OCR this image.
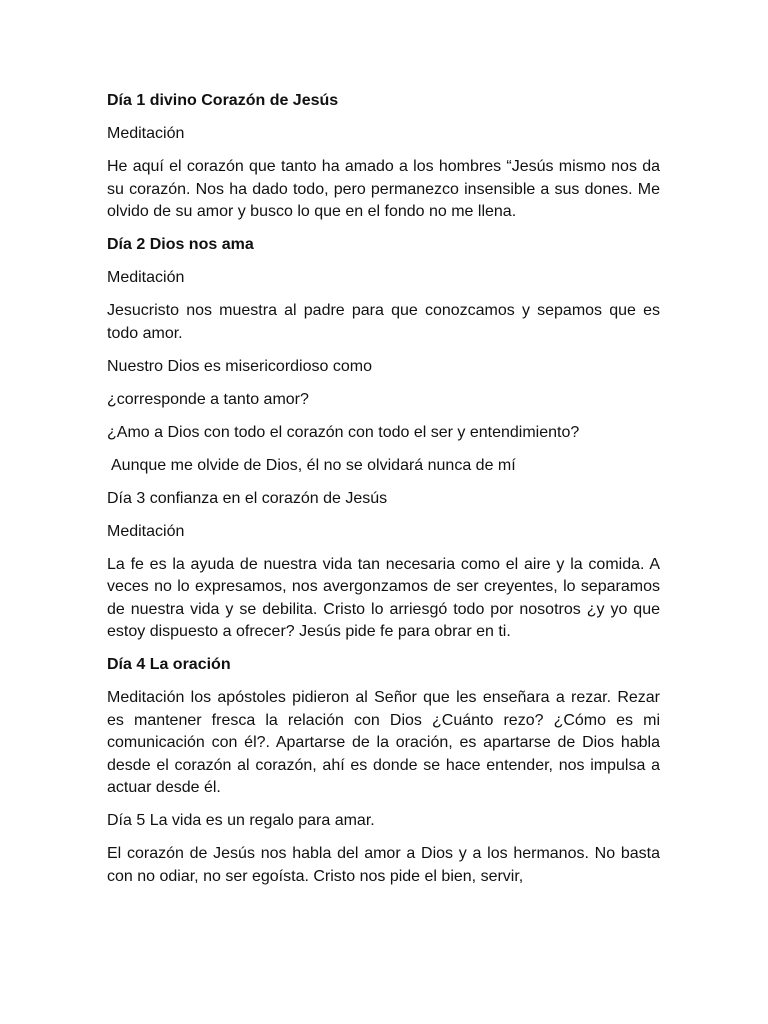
Día 1 divino Corazón de Jesús

Meditación

He aquí el corazón que tanto ha amado a los hombres “Jesús mismo nos da su corazón. Nos ha dado todo, pero permanezco insensible a sus dones. Me olvido de su amor y busco lo que en el fondo no me llena.

Día 2 Dios nos ama

Meditación

Jesucristo nos muestra al padre para que conozcamos y sepamos que es todo amor.

Nuestro Dios es misericordioso como

¿corresponde a tanto amor?

¿Amo a Dios con todo el corazón con todo el ser y entendimiento?

Aunque me olvide de Dios, él no se olvidará nunca de mí

Día 3 confianza en el corazón de Jesús

Meditación

La fe es la ayuda de nuestra vida tan necesaria como el aire y la comida. A veces no lo expresamos, nos avergonzamos de ser creyentes, lo separamos de nuestra vida y se debilita. Cristo lo arriesgó todo por nosotros ¿y yo que estoy dispuesto a ofrecer? Jesús pide fe para obrar en ti.

Día 4 La oración

Meditación los apóstoles pidieron al Señor que les enseñara a rezar. Rezar es mantener fresca la relación con Dios ¿Cuánto rezo? ¿Cómo es mi comunicación con él?. Apartarse de la oración, es apartarse de Dios habla desde el corazón al corazón, ahí es donde se hace entender, nos impulsa a actuar desde él.

Día 5 La vida es un regalo para amar.

El corazón de Jesús nos habla del amor a Dios y a los hermanos. No basta con no odiar, no ser egoísta. Cristo nos pide el bien, servir,
